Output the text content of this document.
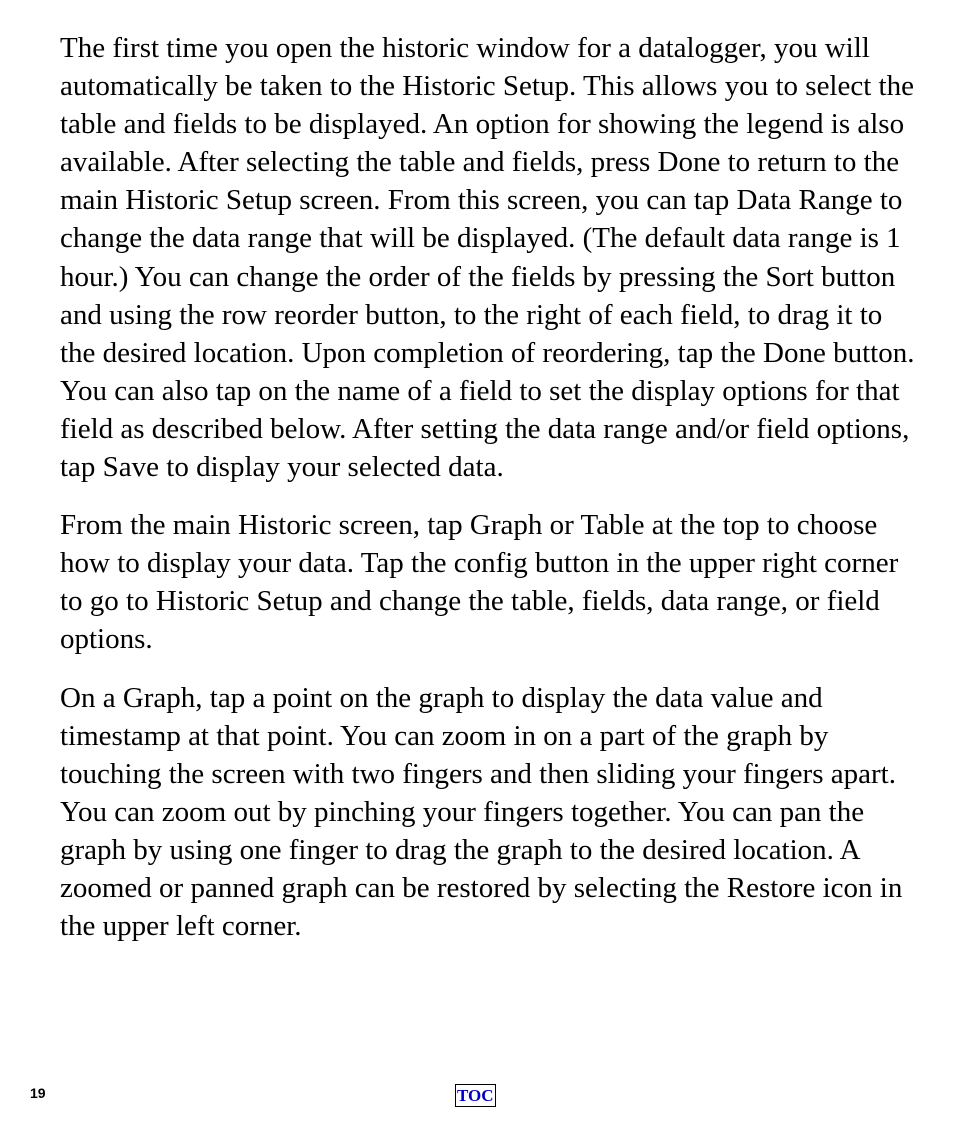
The first time you open the historic window for a datalogger, you will automatically be taken to the Historic Setup. This allows you to select the table and fields to be displayed. An option for showing the legend is also available. After selecting the table and fields, press Done to return to the main Historic Setup screen. From this screen, you can tap Data Range to change the data range that will be displayed. (The default data range is 1 hour.) You can change the order of the fields by pressing the Sort button and using the row reorder button, to the right of each field, to drag it to the desired location. Upon completion of reordering, tap the Done button. You can also tap on the name of a field to set the display options for that field as described below. After setting the data range and/or field options, tap Save to display your selected data.

From the main Historic screen, tap Graph or Table at the top to choose how to display your data. Tap the config button in the upper right corner to go to Historic Setup and change the table, fields, data range, or field options.

On a Graph, tap a point on the graph to display the data value and timestamp at that point. You can zoom in on a part of the graph by touching the screen with two fingers and then sliding your fingers apart. You can zoom out by pinching your fingers together. You can pan the graph by using one finger to drag the graph to the desired location. A zoomed or panned graph can be restored by selecting the Restore icon in the upper left corner.

19	TOC
